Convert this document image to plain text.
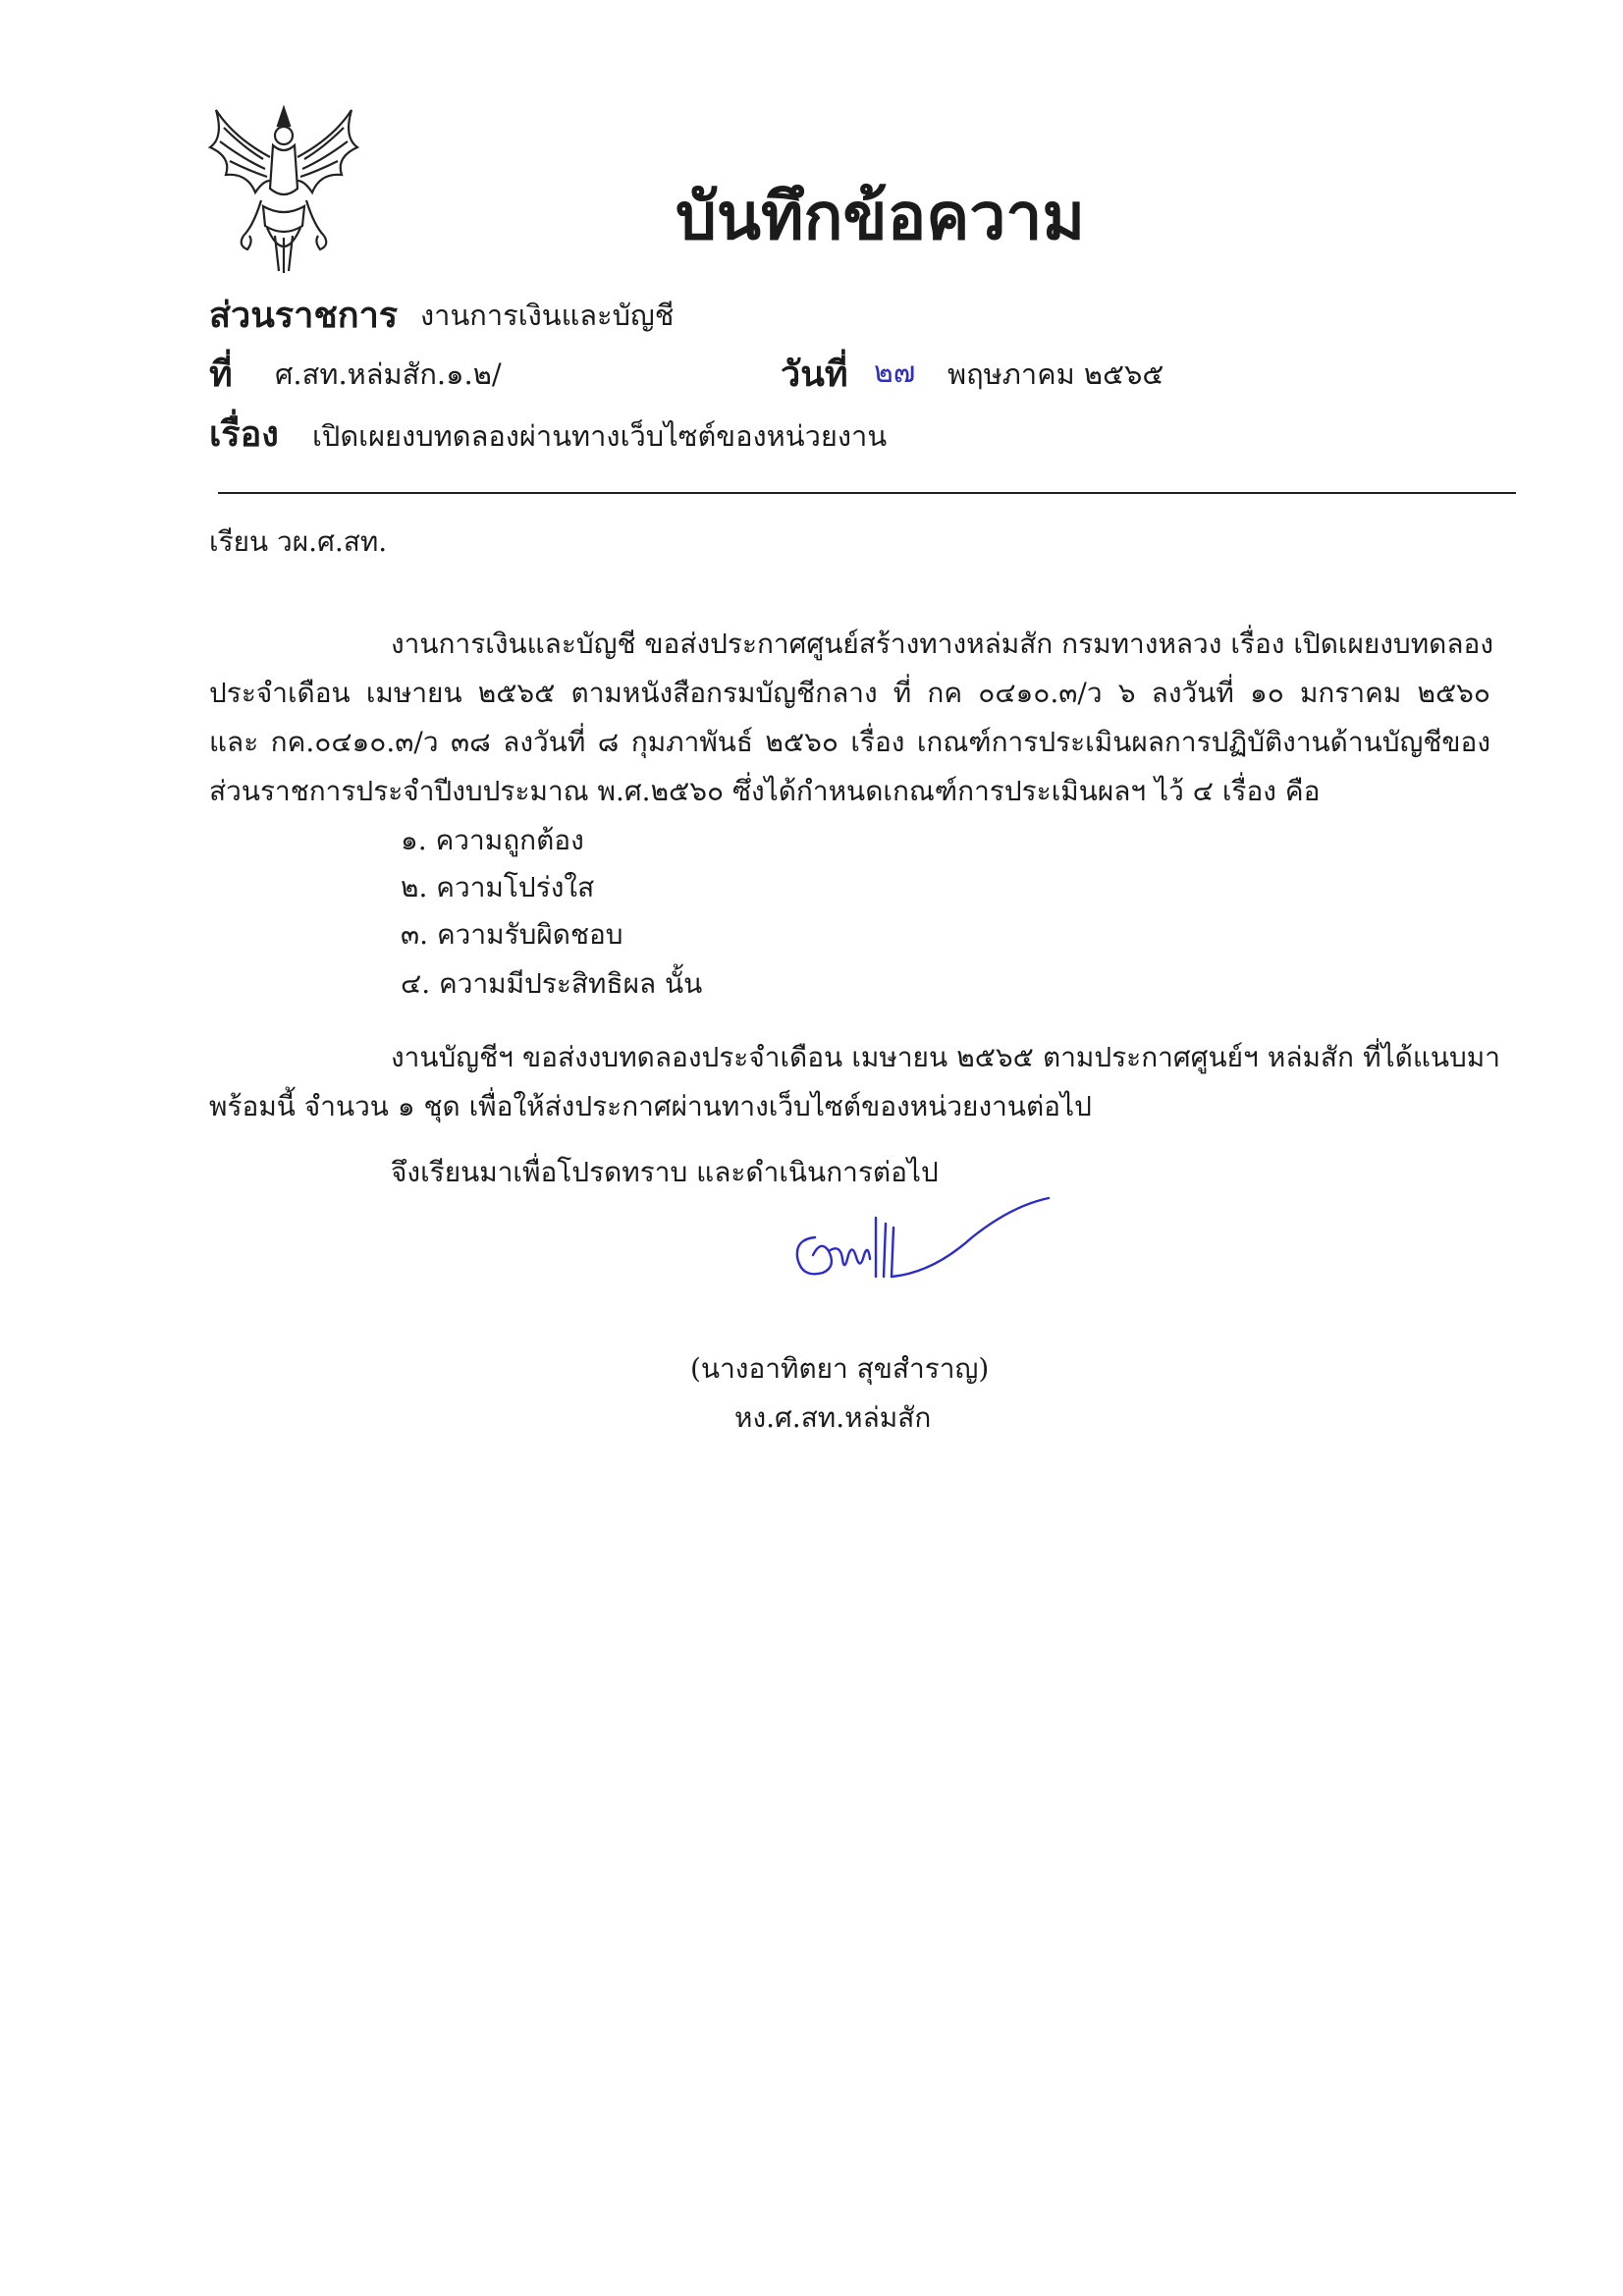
บันทึกข้อความ
ส่วนราชการ งานการเงินและบัญชี
ที่ ศ.สท.หล่มสัก.๑.๒/	วันที่ ๒๗ พฤษภาคม ๒๕๖๕
เรื่อง เปิดเผยงบทดลองผ่านทางเว็บไซต์ของหน่วยงาน
เรียน วผ.ศ.สท.
งานการเงินและบัญชี ขอส่งประกาศศูนย์สร้างทางหล่มสัก กรมทางหลวง เรื่อง เปิดเผยงบทดลอง
ประจำเดือน เมษายน ๒๕๖๕ ตามหนังสือกรมบัญชีกลาง ที่ กค ๐๔๑๐.๓/ว ๖ ลงวันที่ ๑๐ มกราคม ๒๕๖๐
และ กค.๐๔๑๐.๓/ว ๓๘ ลงวันที่ ๘ กุมภาพันธ์ ๒๕๖๐ เรื่อง เกณฑ์การประเมินผลการปฏิบัติงานด้านบัญชีของ
ส่วนราชการประจำปีงบประมาณ พ.ศ.๒๕๖๐ ซึ่งได้กำหนดเกณฑ์การประเมินผลฯ ไว้ ๔ เรื่อง คือ
๑. ความถูกต้อง
๒. ความโปร่งใส
๓. ความรับผิดชอบ
๔. ความมีประสิทธิผล นั้น
งานบัญชีฯ ขอส่งงบทดลองประจำเดือน เมษายน ๒๕๖๕ ตามประกาศศูนย์ฯ หล่มสัก ที่ได้แนบมา
พร้อมนี้ จำนวน ๑ ชุด เพื่อให้ส่งประกาศผ่านทางเว็บไซต์ของหน่วยงานต่อไป
จึงเรียนมาเพื่อโปรดทราบ และดำเนินการต่อไป
(นางอาทิตยา สุขสำราญ)
หง.ศ.สท.หล่มสัก
